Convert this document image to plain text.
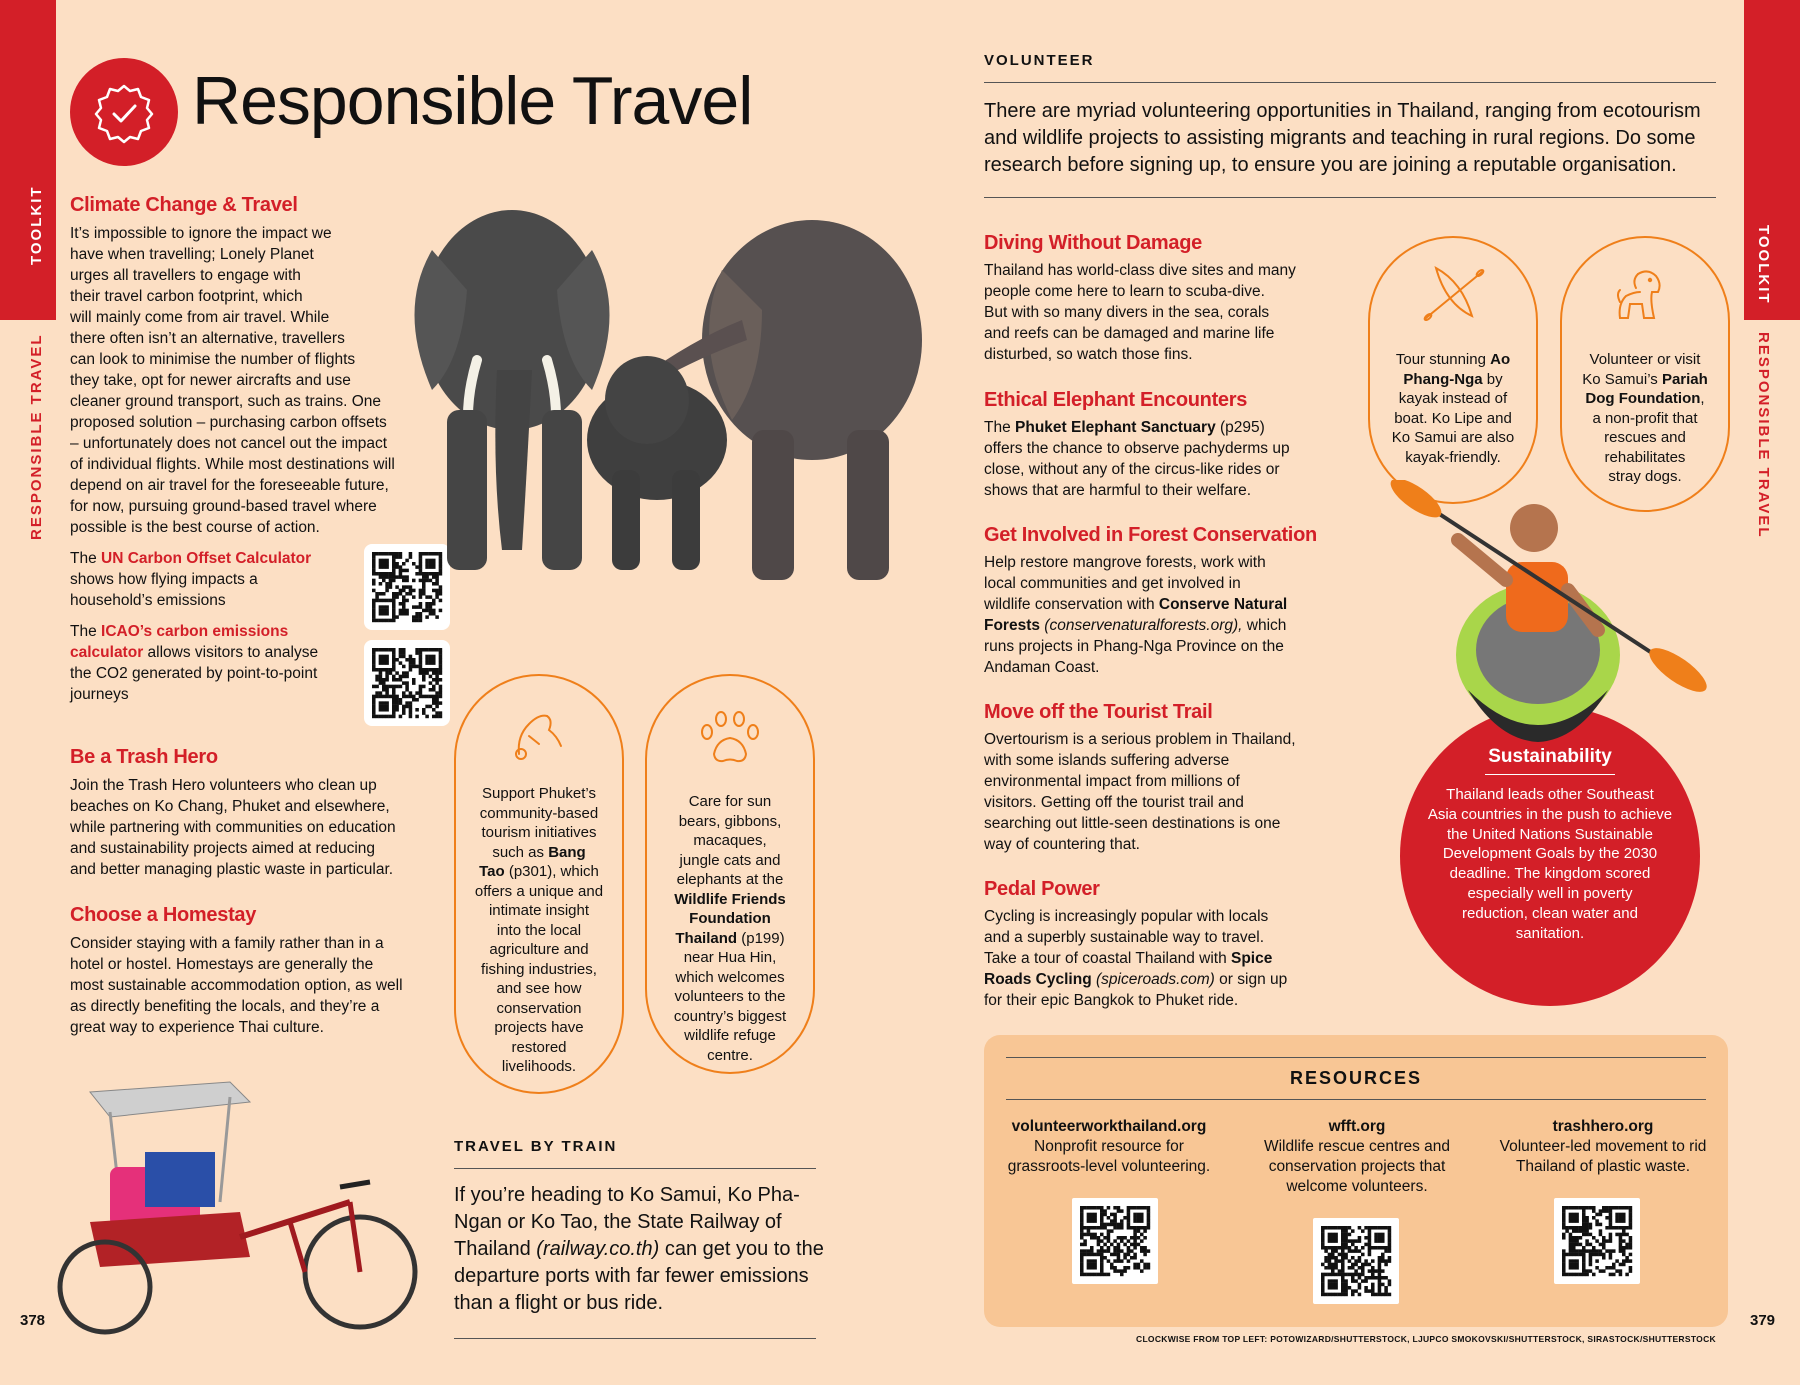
TOOLKIT
RESPONSIBLE TRAVEL
TOOLKIT
RESPONSIBLE TRAVEL
Responsible Travel

Climate Change & Travel

It’s impossible to ignore the impact we

have when travelling; Lonely Planet

urges all travellers to engage with

their travel carbon footprint, which

will mainly come from air travel. While

there often isn’t an alternative, travellers

can look to minimise the number of flights

they take, opt for newer aircrafts and use

cleaner ground transport, such as trains. One

proposed solution – purchasing carbon offsets

– unfortunately does not cancel out the impact

of individual flights. While most destinations will

depend on air travel for the foreseeable future,

for now, pursuing ground-based travel where

possible is the best course of action.

The UN Carbon Offset Calculator

shows how flying impacts a

household’s emissions

The ICAO’s carbon emissions

calculator allows visitors to analyse

the CO2 generated by point-to-point

journeys

Be a Trash Hero

Join the Trash Hero volunteers who clean up

beaches on Ko Chang, Phuket and elsewhere,

while partnering with communities on education

and sustainability projects aimed at reducing

and better managing plastic waste in particular.

Choose a Homestay

Consider staying with a family rather than in a

hotel or hostel. Homestays are generally the

most sustainable accommodation option, as well

as directly benefiting the locals, and they’re a

great way to experience Thai culture.

Support Phuket’s
community-based
tourism initiatives
such as Bang
Tao (p301), which
offers a unique and
intimate insight
into the local
agriculture and
fishing industries,
and see how
conservation
projects have
restored
livelihoods.
Care for sun
bears, gibbons,
macaques,
jungle cats and
elephants at the
Wildlife Friends
Foundation
Thailand (p199)
near Hua Hin,
which welcomes
volunteers to the
country’s biggest
wildlife refuge
centre.
TRAVEL BY TRAIN
If you’re heading to Ko Samui, Ko Pha-
Ngan or Ko Tao, the State Railway of
Thailand (railway.co.th) can get you to the
departure ports with far fewer emissions
than a flight or bus ride.
378
VOLUNTEER
There are myriad volunteering opportunities in Thailand, ranging from ecotourism
and wildlife projects to assisting migrants and teaching in rural regions. Do some
research before signing up, to ensure you are joining a reputable organisation.

Diving Without Damage

Thailand has world-class dive sites and many

people come here to learn to scuba-dive.

But with so many divers in the sea, corals

and reefs can be damaged and marine life

disturbed, so watch those fins.

Ethical Elephant Encounters

The Phuket Elephant Sanctuary (p295)

offers the chance to observe pachyderms up

close, without any of the circus-like rides or

shows that are harmful to their welfare.

Get Involved in Forest Conservation

Help restore mangrove forests, work with

local communities and get involved in

wildlife conservation with Conserve Natural

Forests (conservenaturalforests.org), which

runs projects in Phang-Nga Province on the

Andaman Coast.

Move off the Tourist Trail

Overtourism is a serious problem in Thailand,

with some islands suffering adverse

environmental impact from millions of

visitors. Getting off the tourist trail and

searching out little-seen destinations is one

way of countering that.

Pedal Power

Cycling is increasingly popular with locals

and a superbly sustainable way to travel.

Take a tour of coastal Thailand with Spice

Roads Cycling (spiceroads.com) or sign up

for their epic Bangkok to Phuket ride.

Tour stunning Ao
Phang-Nga by
kayak instead of
boat. Ko Lipe and
Ko Samui are also
kayak-friendly.
Volunteer or visit
Ko Samui’s Pariah
Dog Foundation,
a non-profit that
rescues and
rehabilitates
stray dogs.
Sustainability
Thailand leads other Southeast
Asia countries in the push to achieve
the United Nations Sustainable
Development Goals by the 2030
deadline. The kingdom scored
especially well in poverty
reduction, clean water and
sanitation.
RESOURCES
volunteerworkthailand.org
Nonprofit resource for
grassroots-level volunteering.
wfft.org
Wildlife rescue centres and
conservation projects that
welcome volunteers.
trashhero.org
Volunteer-led movement to rid
Thailand of plastic waste.
CLOCKWISE FROM TOP LEFT: POTOWIZARD/SHUTTERSTOCK, LJUPCO SMOKOVSKI/SHUTTERSTOCK, SIRASTOCK/SHUTTERSTOCK
379
